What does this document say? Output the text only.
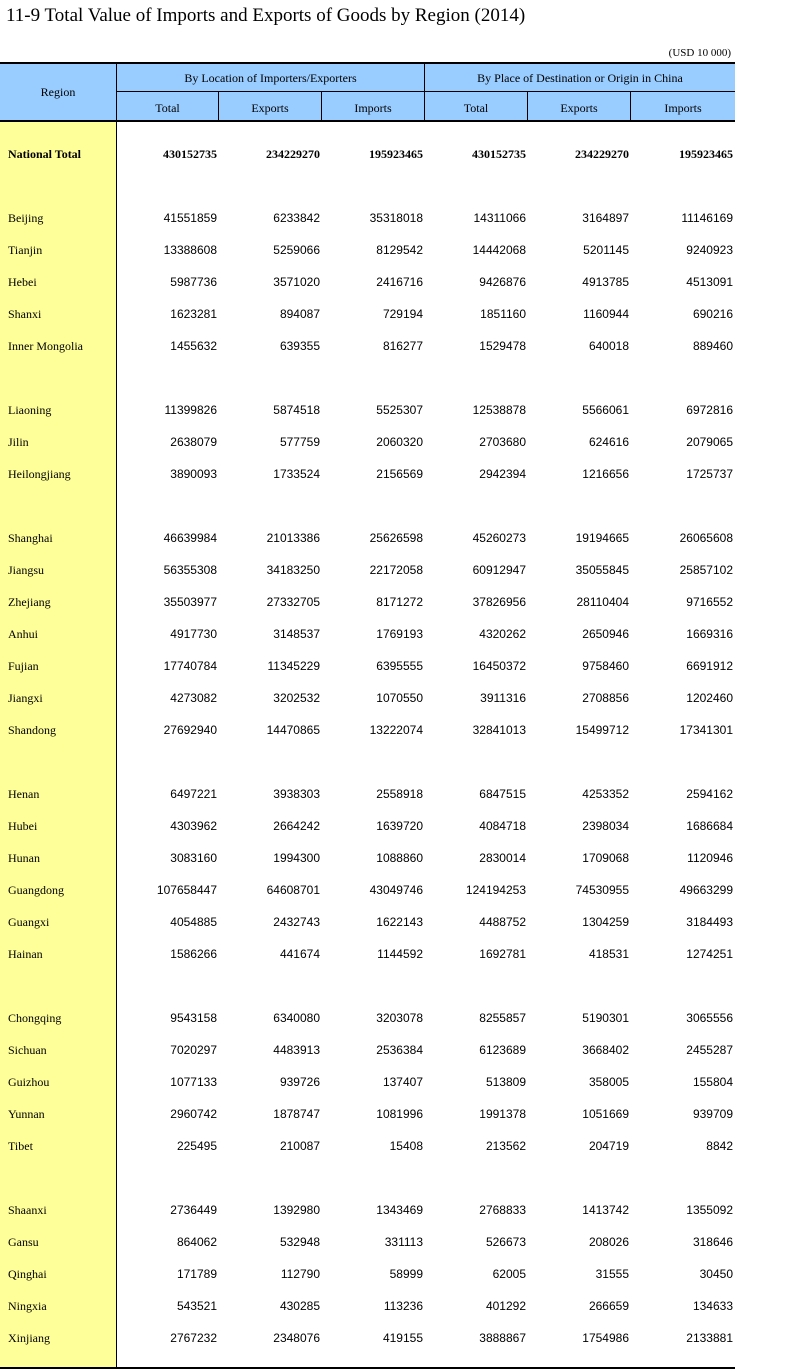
11-9 Total Value of Imports and Exports of Goods by Region (2014)
(USD 10 000)
Region
By Location of Importers/Exporters	By Place of Destination or Origin in China
Total	Exports	Imports	Total	Exports	Imports
National Total	430152735	234229270	195923465	430152735	234229270	195923465
Beijing	41551859	6233842	35318018	14311066	3164897	11146169
Tianjin	13388608	5259066	8129542	14442068	5201145	9240923
Hebei	5987736	3571020	2416716	9426876	4913785	4513091
Shanxi	1623281	894087	729194	1851160	1160944	690216
Inner Mongolia	1455632	639355	816277	1529478	640018	889460
Liaoning	11399826	5874518	5525307	12538878	5566061	6972816
Jilin	2638079	577759	2060320	2703680	624616	2079065
Heilongjiang	3890093	1733524	2156569	2942394	1216656	1725737
Shanghai	46639984	21013386	25626598	45260273	19194665	26065608
Jiangsu	56355308	34183250	22172058	60912947	35055845	25857102
Zhejiang	35503977	27332705	8171272	37826956	28110404	9716552
Anhui	4917730	3148537	1769193	4320262	2650946	1669316
Fujian	17740784	11345229	6395555	16450372	9758460	6691912
Jiangxi	4273082	3202532	1070550	3911316	2708856	1202460
Shandong	27692940	14470865	13222074	32841013	15499712	17341301
Henan	6497221	3938303	2558918	6847515	4253352	2594162
Hubei	4303962	2664242	1639720	4084718	2398034	1686684
Hunan	3083160	1994300	1088860	2830014	1709068	1120946
Guangdong	107658447	64608701	43049746	124194253	74530955	49663299
Guangxi	4054885	2432743	1622143	4488752	1304259	3184493
Hainan	1586266	441674	1144592	1692781	418531	1274251
Chongqing	9543158	6340080	3203078	8255857	5190301	3065556
Sichuan	7020297	4483913	2536384	6123689	3668402	2455287
Guizhou	1077133	939726	137407	513809	358005	155804
Yunnan	2960742	1878747	1081996	1991378	1051669	939709
Tibet	225495	210087	15408	213562	204719	8842
Shaanxi	2736449	1392980	1343469	2768833	1413742	1355092
Gansu	864062	532948	331113	526673	208026	318646
Qinghai	171789	112790	58999	62005	31555	30450
Ningxia	543521	430285	113236	401292	266659	134633
Xinjiang	2767232	2348076	419155	3888867	1754986	2133881
